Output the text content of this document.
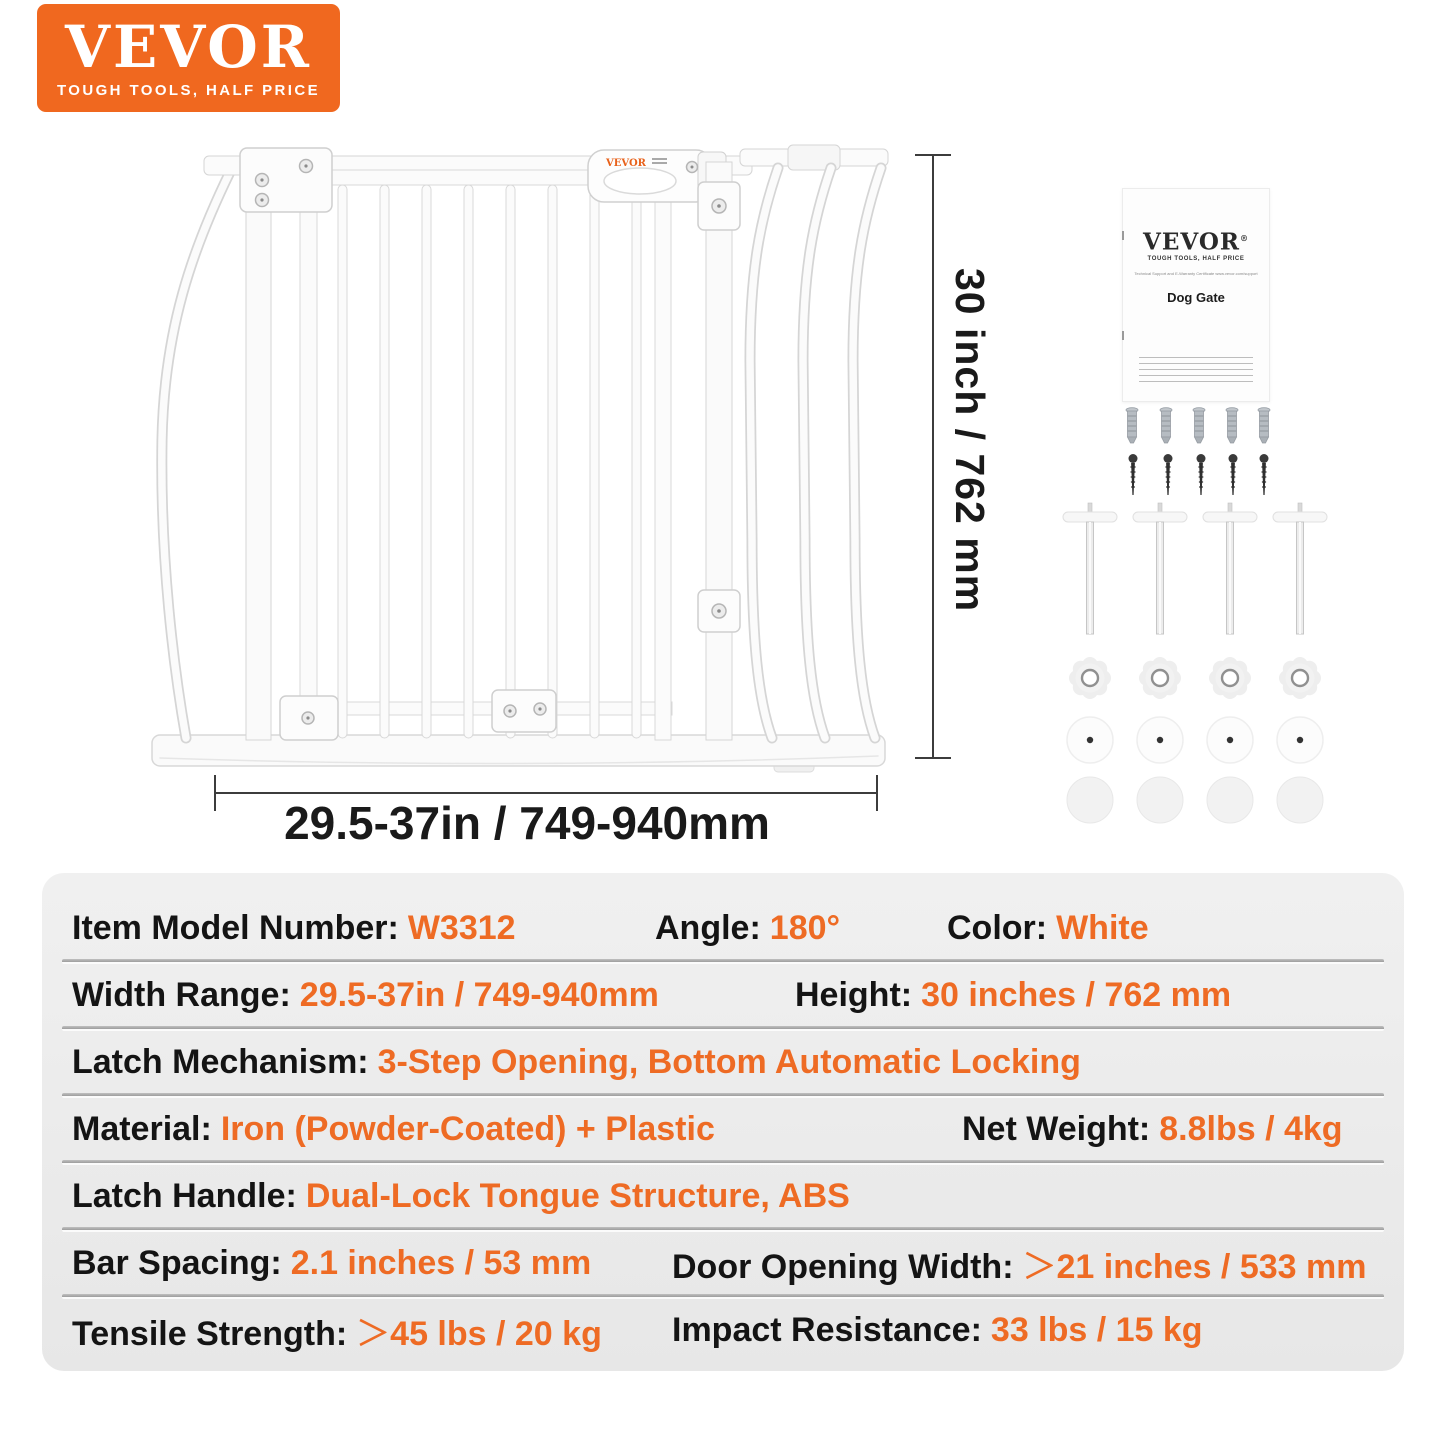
VEVOR
TOUGH TOOLS, HALF PRICE
VEVOR
30 inch / 762 mm
29.5-37in / 749-940mm
VEVOR®
TOUGH TOOLS, HALF PRICE
Technical Support and E-Warranty Certificate www.vevor.com/support
Dog Gate
Item Model Number: W3312	Angle: 180°	Color: White
Width Range: 29.5-37in / 749-940mm	Height: 30 inches / 762 mm
Latch Mechanism: 3-Step Opening, Bottom Automatic Locking
Material: Iron (Powder-Coated) + Plastic	Net Weight: 8.8lbs / 4kg
Latch Handle: Dual-Lock Tongue Structure, ABS
Bar Spacing: 2.1 inches / 53 mm	Door Opening Width: ＞21 inches / 533 mm
Tensile Strength: ＞45 lbs / 20 kg	Impact Resistance: 33 lbs / 15 kg
